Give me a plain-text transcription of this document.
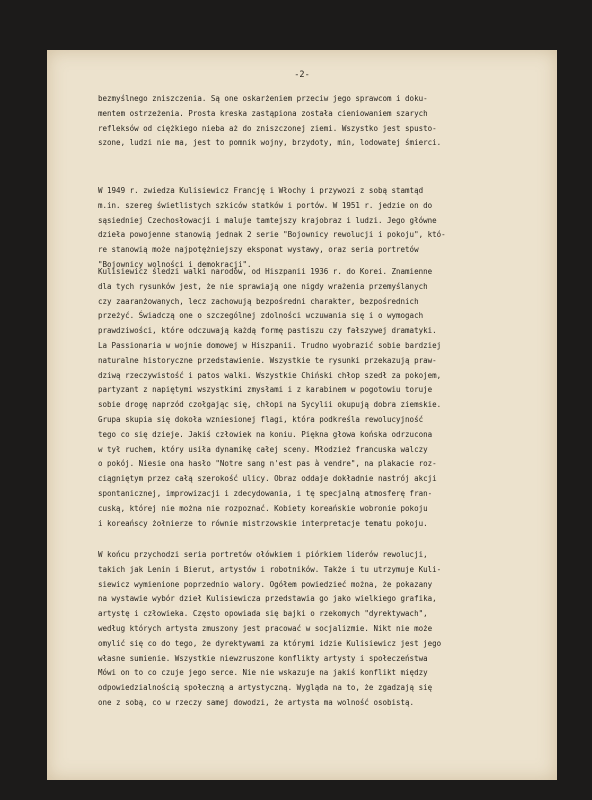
-2-
bezmyślnego zniszczenia. Są one oskarżeniem przeciw jego sprawcom i doku-
mentem ostrzeżenia. Prosta kreska zastąpiona została cieniowaniem szarych
refleksów od ciężkiego nieba aż do zniszczonej ziemi. Wszystko jest spusto-
szone, ludzi nie ma, jest to pomnik wojny, brzydoty, min, lodowatej śmierci.
W 1949 r. zwiedza Kulisiewicz Francję i Włochy i przywozi z sobą stamtąd
m.in. szereg świetlistych szkiców statków i portów. W 1951 r. jedzie on do
sąsiedniej Czechosłowacji i maluje tamtejszy krajobraz i ludzi. Jego główne
dzieła powojenne stanowią jednak 2 serie "Bojownicy rewolucji i pokoju", któ-
re stanowią może najpotężniejszy eksponat wystawy, oraz seria portretów
"Bojownicy wolności i demokracji".
Kulisiewicz śledzi walki narodów, od Hiszpanii 1936 r. do Korei. Znamienne
dla tych rysunków jest, że nie sprawiają one nigdy wrażenia przemyślanych
czy zaaranżowanych, lecz zachowują bezpośredni charakter, bezpośrednich
przeżyć. Świadczą one o szczególnej zdolności wczuwania się i o wymogach
prawdziwości, które odczuwają każdą formę pastiszu czy fałszywej dramatyki.
La Passionaria w wojnie domowej w Hiszpanii. Trudno wyobrazić sobie bardziej
naturalne historyczne przedstawienie. Wszystkie te rysunki przekazują praw-
dziwą rzeczywistość i patos walki. Wszystkie Chiński chłop szedł za pokojem,
partyzant z napiętymi wszystkimi zmysłami i z karabinem w pogotowiu toruje
sobie drogę naprzód czołgając się, chłopi na Sycylii okupują dobra ziemskie.
Grupa skupia się dokoła wzniesionej flagi, która podkreśla rewolucyjność
tego co się dzieje. Jakiś człowiek na koniu. Piękna głowa końska odrzucona
w tył ruchem, który usiła dynamikę całej sceny. Młodzież francuska walczy
o pokój. Niesie ona hasło "Notre sang n'est pas à vendre", na plakacie roz-
ciągniętym przez całą szerokość ulicy. Obraz oddaje dokładnie nastrój akcji
spontanicznej, improwizacji i zdecydowania, i tę specjalną atmosferę fran-
cuską, której nie można nie rozpoznać. Kobiety koreańskie wobronie pokoju
i koreańscy żołnierze to równie mistrzowskie interpretacje tematu pokoju.
W końcu przychodzi seria portretów ołówkiem i piórkiem liderów rewolucji,
takich jak Lenin i Bierut, artystów i robotników. Także i tu utrzymuje Kuli-
siewicz wymienione poprzednio walory. Ogółem powiedzieć można, że pokazany
na wystawie wybór dzieł Kulisiewicza przedstawia go jako wielkiego grafika,
artystę i człowieka. Często opowiada się bajki o rzekomych "dyrektywach",
według których artysta zmuszony jest pracować w socjalizmie. Nikt nie może
omylić się co do tego, że dyrektywami za którymi idzie Kulisiewicz jest jego
własne sumienie. Wszystkie niewzruszone konflikty artysty i społeczeństwa
Mówi on to co czuje jego serce. Nie nie wskazuje na jakiś konflikt między
odpowiedzialnością społeczną a artystyczną. Wygląda na to, że zgadzają się
one z sobą, co w rzeczy samej dowodzi, że artysta ma wolność osobistą.
